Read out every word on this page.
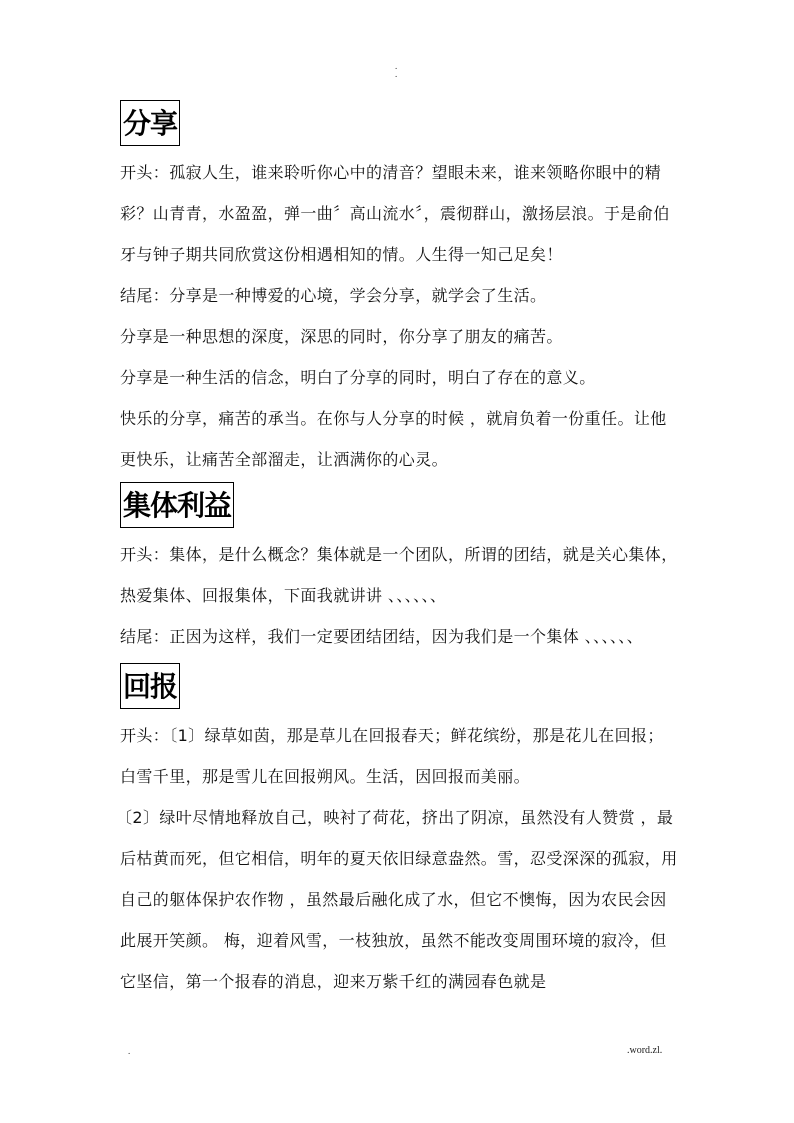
.
.
分享

开头：孤寂人生，谁来聆听你心中的清音？望眼未来，谁来领略你眼中的精彩？山青青，水盈盈，弹一曲〞高山流水〞，震彻群山，激扬层浪。于是俞伯牙与钟子期共同欣赏这份相遇相知的情。人生得一知己足矣！

结尾：分享是一种博爱的心境，学会分享，就学会了生活。

分享是一种思想的深度，深思的同时，你分享了朋友的痛苦。

分享是一种生活的信念，明白了分享的同时，明白了存在的意义。

快乐的分享，痛苦的承当。在你与人分享的时候 ，就肩负着一份重任。让他更快乐，让痛苦全部溜走，让洒满你的心灵。

集体利益

开头：集体，是什么概念？集体就是一个团队，所谓的团结，就是关心集体，热爱集体、回报集体，下面我就讲讲 、、、、、、

结尾：正因为这样，我们一定要团结团结，因为我们是一个集体 、、、、、、

回报

开头：〔1〕绿草如茵，那是草儿在回报春天；鲜花缤纷，那是花儿在回报；白雪千里，那是雪儿在回报朔风。生活，因回报而美丽。

〔2〕绿叶尽情地释放自己，映衬了荷花，挤出了阴凉，虽然没有人赞赏 ，最后枯黄而死，但它相信，明年的夏天依旧绿意盎然。雪，忍受深深的孤寂，用自己的躯体保护农作物 ，虽然最后融化成了水，但它不懊悔，因为农民会因此展开笑颜。 梅，迎着风雪，一枝独放，虽然不能改变周围环境的寂冷，但它坚信，第一个报春的消息，迎来万紫千红的满园春色就是

.	.word.zl.
